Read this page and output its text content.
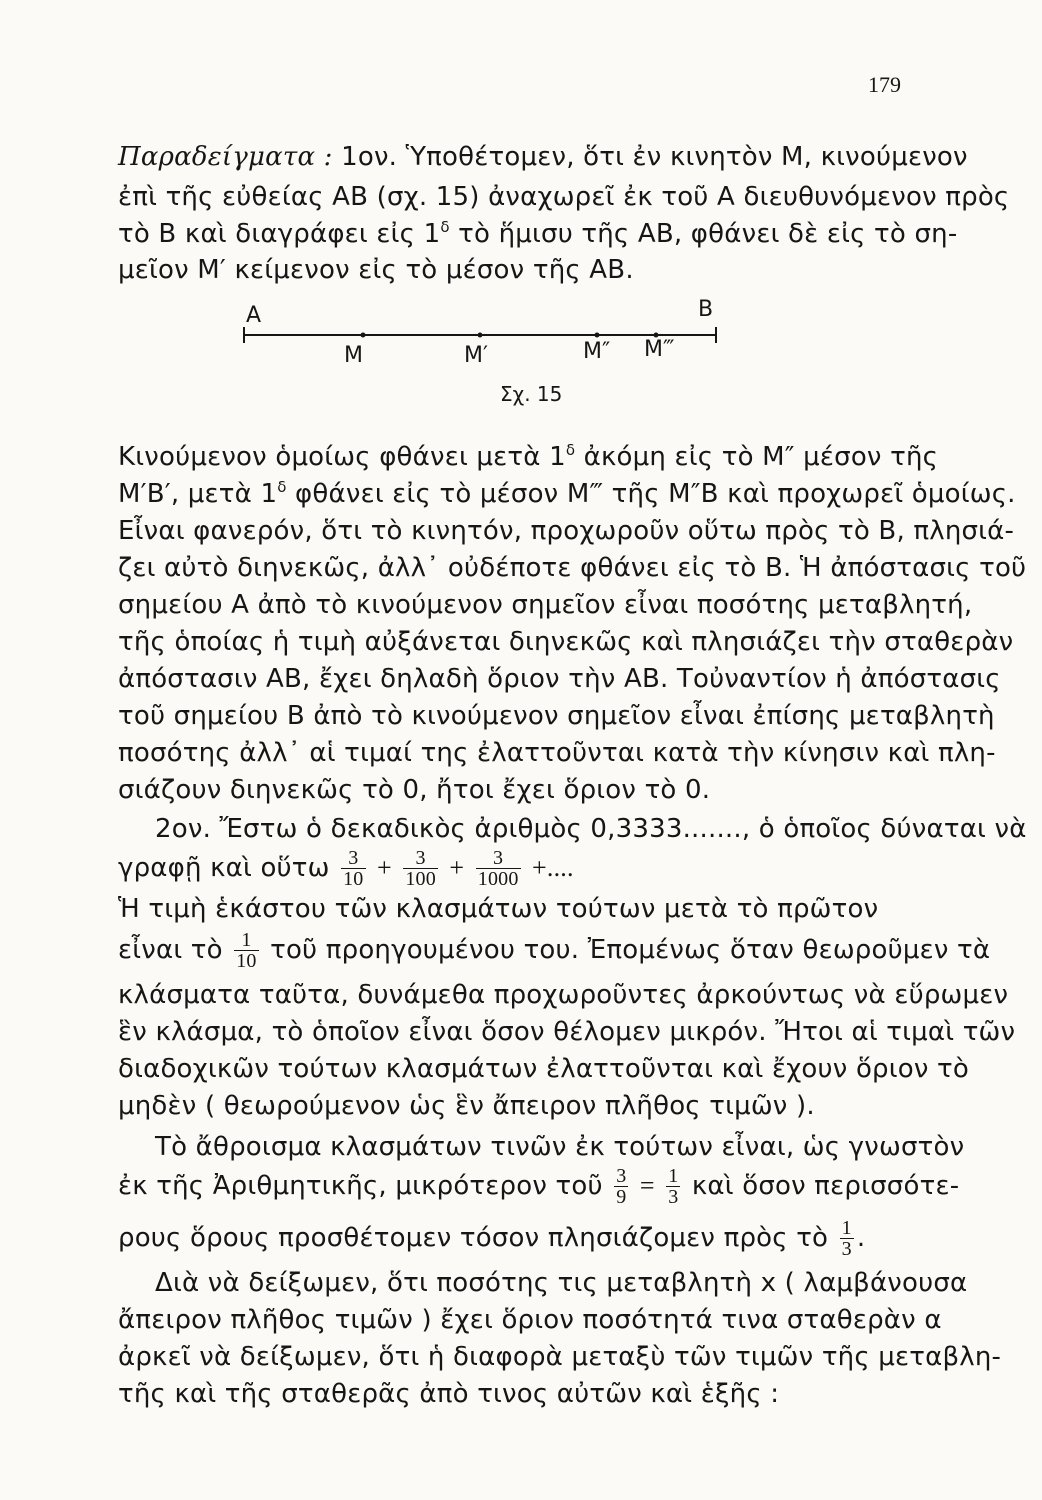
179
Παραδείγματα : 1ον. Ὑποθέτομεν, ὅτι ἐν κινητὸν Μ, κινούμενον
ἐπὶ τῆς εὐθείας ΑΒ (σχ. 15) ἀναχωρεῖ ἐκ τοῦ Α διευθυνόμενον πρὸς
τὸ Β καὶ διαγράφει εἰς $1^\delta$ τὸ ἥμισυ τῆς ΑΒ, φθάνει δὲ εἰς τὸ ση-
μεῖον Μ′ κείμενον εἰς τὸ μέσον τῆς ΑΒ.
A	B
M	M′	M″ M‴
Σχ. 15
Κινούμενον ὁμοίως φθάνει μετὰ $1^\delta$ ἀκόμη εἰς τὸ Μ″ μέσον τῆς
Μ′Β′, μετὰ $1^\delta$ φθάνει εἰς τὸ μέσον Μ‴ τῆς Μ″Β καὶ προχωρεῖ ὁμοίως.
Εἶναι φανερόν, ὅτι τὸ κινητόν, προχωροῦν οὕτω πρὸς τὸ Β, πλησιά-
ζει αὐτὸ διηνεκῶς, ἀλλ᾽ οὐδέποτε φθάνει εἰς τὸ Β. Ἡ ἀπόστασις τοῦ
σημείου Α ἀπὸ τὸ κινούμενον σημεῖον εἶναι ποσότης μεταβλητή,
τῆς ὁποίας ἡ τιμὴ αὐξάνεται διηνεκῶς καὶ πλησιάζει τὴν σταθερὰν
ἀπόστασιν ΑΒ, ἔχει δηλαδὴ ὅριον τὴν ΑΒ. Τοὐναντίον ἡ ἀπόστασις
τοῦ σημείου Β ἀπὸ τὸ κινούμενον σημεῖον εἶναι ἐπίσης μεταβλητὴ
ποσότης ἀλλ᾽ αἱ τιμαί της ἐλαττοῦνται κατὰ τὴν κίνησιν καὶ πλη-
σιάζουν διηνεκῶς τὸ 0, ἤτοι ἔχει ὅριον τὸ 0.
2ον. Ἔστω ὁ δεκαδικὸς ἀριθμὸς 0,3333......., ὁ ὁποῖος δύναται νὰ
γραφῇ καὶ οὕτω $\frac{3}{10} + \frac{3}{100} + \frac{3}{1000}$ +....
Ἡ τιμὴ ἑκάστου τῶν κλασμάτων τούτων μετὰ τὸ πρῶτον
εἶναι τὸ $\frac{1}{10}$ τοῦ προηγουμένου του. Ἐπομένως ὅταν θεωροῦμεν τὰ
κλάσματα ταῦτα, δυνάμεθα προχωροῦντες ἀρκούντως νὰ εὕρωμεν
ἓν κλάσμα, τὸ ὁποῖον εἶναι ὅσον θέλομεν μικρόν. Ἤτοι αἱ τιμαὶ τῶν
διαδοχικῶν τούτων κλασμάτων ἐλαττοῦνται καὶ ἔχουν ὅριον τὸ
μηδὲν ( θεωρούμενον ὡς ἓν ἄπειρον πλῆθος τιμῶν ).
Τὸ ἄθροισμα κλασμάτων τινῶν ἐκ τούτων εἶναι, ὡς γνωστὸν
ἐκ τῆς Ἀριθμητικῆς, μικρότερον τοῦ $\frac{3}{9} = \frac{1}{3}$ καὶ ὅσον περισσότε-
ρους ὅρους προσθέτομεν τόσον πλησιάζομεν πρὸς τὸ $\frac{1}{3}$ .
Διὰ νὰ δείξωμεν, ὅτι ποσότης τις μεταβλητὴ x ( λαμβάνουσα
ἄπειρον πλῆθος τιμῶν ) ἔχει ὅριον ποσότητά τινα σταθερὰν α
ἀρκεῖ νὰ δείξωμεν, ὅτι ἡ διαφορὰ μεταξὺ τῶν τιμῶν τῆς μεταβλη-
τῆς καὶ τῆς σταθερᾶς ἀπὸ τινος αὐτῶν καὶ ἑξῆς :
